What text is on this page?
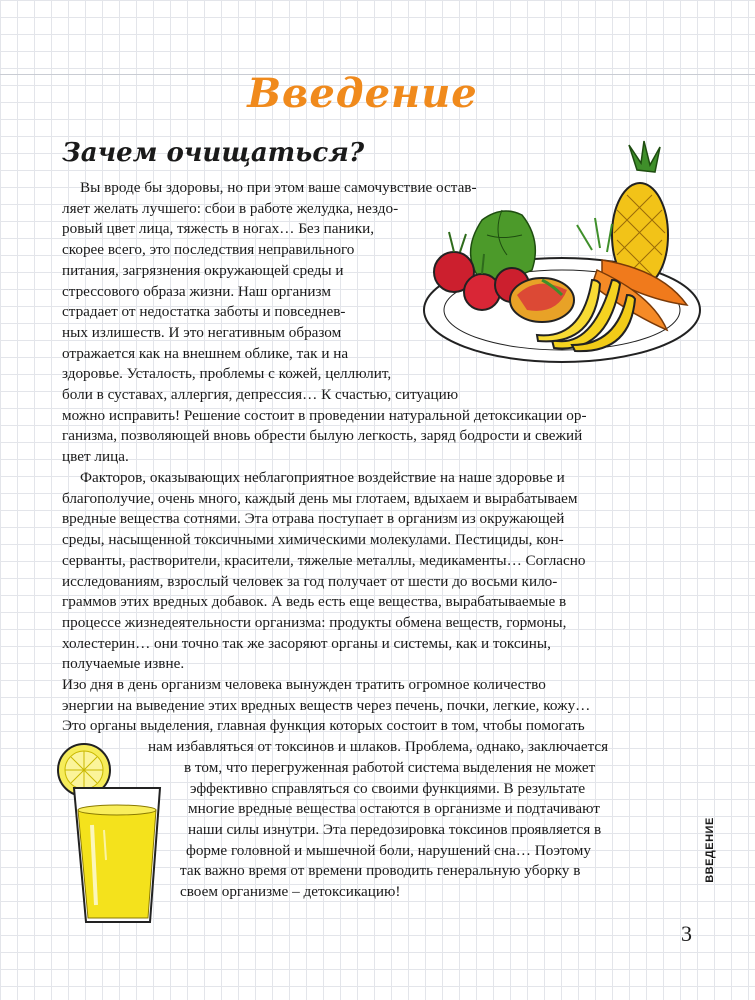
Введение
Зачем очищаться?
Вы вроде бы здоровы, но при этом ваше самочувствие остав-
ляет желать лучшего: сбои в работе желудка, нездо-
ровый цвет лица, тяжесть в ногах… Без паники,
скорее всего, это последствия неправильного
питания, загрязнения окружающей среды и
стрессового образа жизни. Наш организм
страдает от недостатка заботы и повседнев-
ных излишеств. И это негативным образом
отражается как на внешнем облике, так и на
здоровье. Усталость, проблемы с кожей, целлюлит,
боли в суставах, аллергия, депрессия… К счастью, ситуацию
можно исправить! Решение состоит в проведении натуральной детоксикации ор-
ганизма, позволяющей вновь обрести былую легкость, заряд бодрости и свежий
цвет лица.
Факторов, оказывающих неблагоприятное воздействие на наше здоровье и
благополучие, очень много, каждый день мы глотаем, вдыхаем и вырабатываем
вредные вещества сотнями. Эта отрава поступает в организм из окружающей
среды, насыщенной токсичными химическими молекулами. Пестициды, кон-
серванты, растворители, красители, тяжелые металлы, медикаменты… Согласно
исследованиям, взрослый человек за год получает от шести до восьми кило-
граммов этих вредных добавок. А ведь есть еще вещества, вырабатываемые в
процессе жизнедеятельности организма: продукты обмена веществ, гормоны,
холестерин… они точно так же засоряют органы и системы, как и токсины,
получаемые извне.
Изо дня в день организм человека вынужден тратить огромное количество
энергии на выведение этих вредных веществ через печень, почки, легкие, кожу…
Это органы выделения, главная функция которых состоит в том, чтобы помогать
нам избавляться от токсинов и шлаков. Проблема, однако, заключается
в том, что перегруженная работой система выделения не может
эффективно справляться со своими функциями. В результате
многие вредные вещества остаются в организме и подтачивают
наши силы изнутри. Эта передозировка токсинов проявляется в
форме головной и мышечной боли, нарушений сна… Поэтому
так важно время от времени проводить генеральную уборку в
своем организме – детоксикацию!
ВВЕДЕНИЕ
3
